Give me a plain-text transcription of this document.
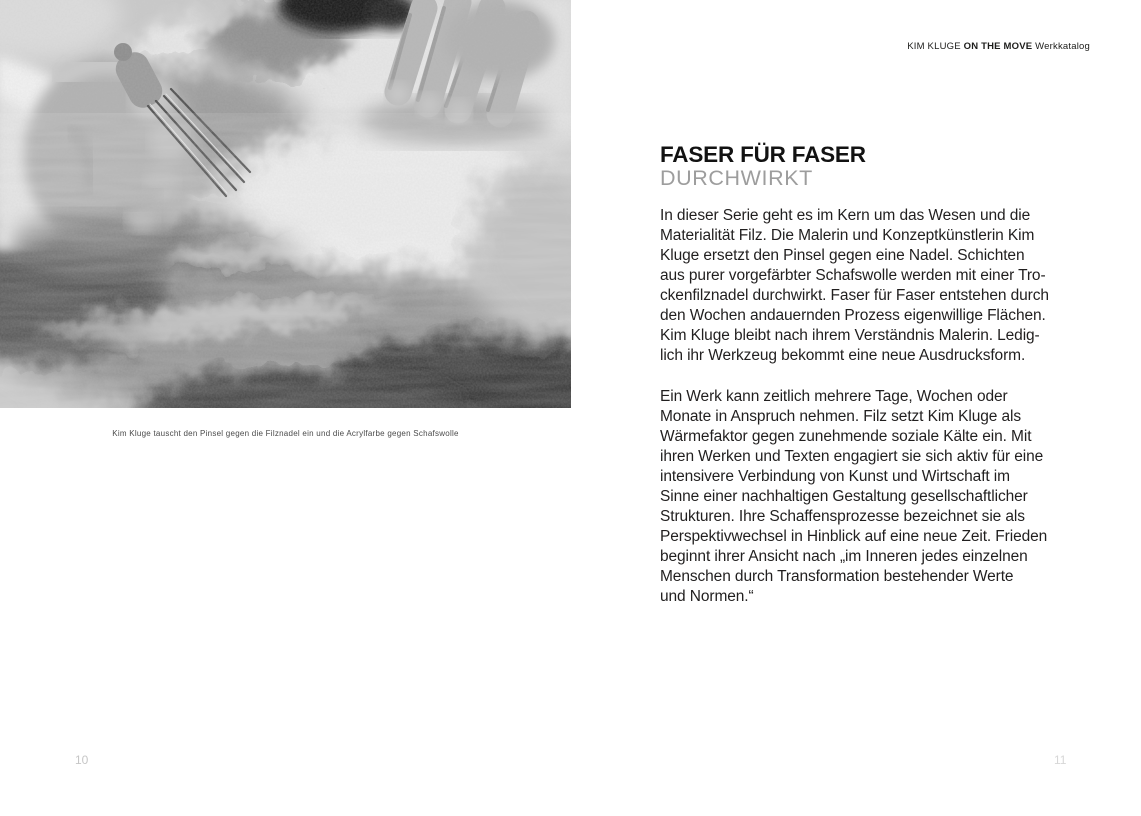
Kim Kluge tauscht den Pinsel gegen die Filznadel ein und die Acrylfarbe gegen Schafswolle
10
KIM KLUGE ON THE MOVE Werkkatalog
FASER FÜR FASER
DURCHWIRKT
In dieser Serie geht es im Kern um das Wesen und die
Materialität Filz. Die Malerin und Konzeptkünstlerin Kim
Kluge ersetzt den Pinsel gegen eine Nadel. Schichten
aus purer vorgefärbter Schafswolle werden mit einer Tro-
ckenfilznadel durchwirkt. Faser für Faser entstehen durch
den Wochen andauernden Prozess eigenwillige Flächen.
Kim Kluge bleibt nach ihrem Verständnis Malerin. Ledig-
lich ihr Werkzeug bekommt eine neue Ausdrucksform.
Ein Werk kann zeitlich mehrere Tage, Wochen oder
Monate in Anspruch nehmen. Filz setzt Kim Kluge als
Wärmefaktor gegen zunehmende soziale Kälte ein. Mit
ihren Werken und Texten engagiert sie sich aktiv für eine
intensivere Verbindung von Kunst und Wirtschaft im
Sinne einer nachhaltigen Gestaltung gesellschaftlicher
Strukturen. Ihre Schaffensprozesse bezeichnet sie als
Perspektivwechsel in Hinblick auf eine neue Zeit. Frieden
beginnt ihrer Ansicht nach „im Inneren jedes einzelnen
Menschen durch Transformation bestehender Werte
und Normen.“
11
